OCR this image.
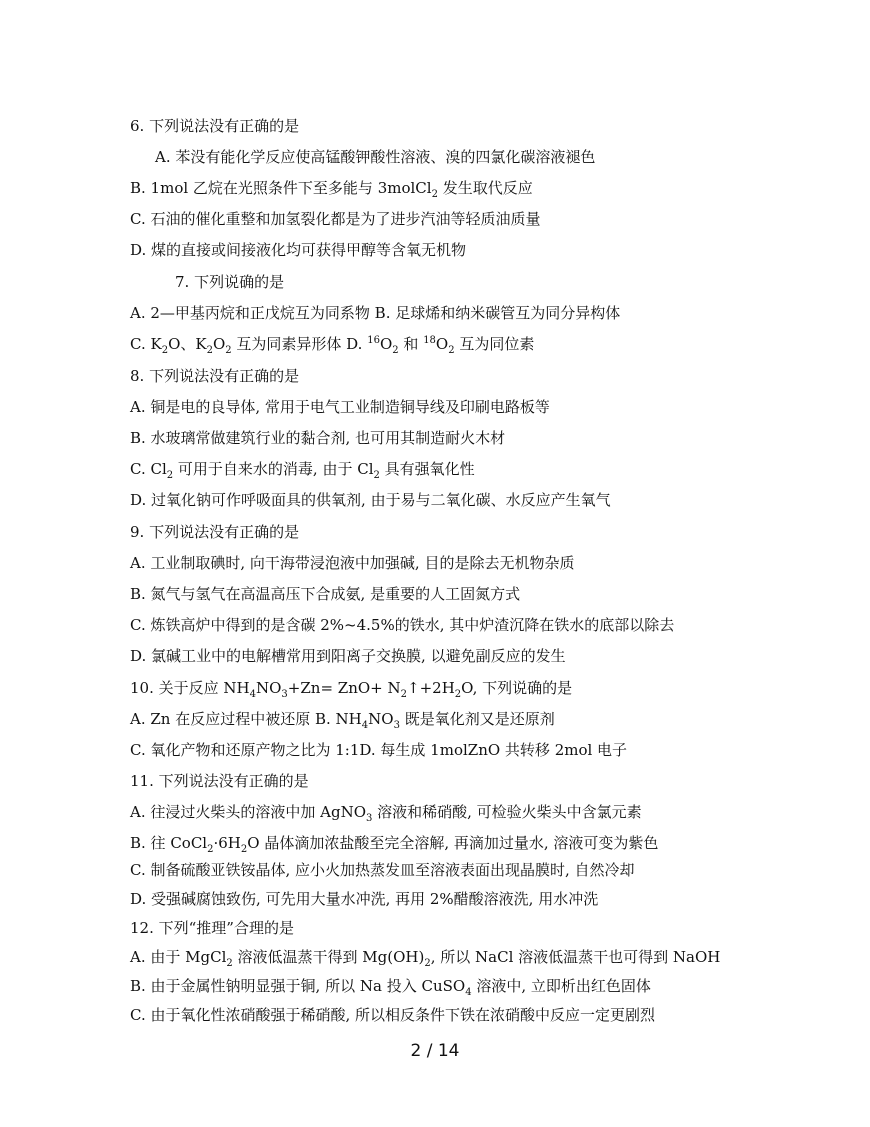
6. 下列说法没有正确的是
A. 苯没有能化学反应使高锰酸钾酸性溶液、溴的四氯化碳溶液褪色
B. 1mol 乙烷在光照条件下至多能与 3molCl$_2$ 发生取代反应
C. 石油的催化重整和加氢裂化都是为了进步汽油等轻质油质量
D. 煤的直接或间接液化均可获得甲醇等含氧无机物
7. 下列说确的是
A. 2—甲基丙烷和正戊烷互为同系物 B. 足球烯和纳米碳管互为同分异构体
C. $K_2O$、$K_2O_2$ 互为同素异形体 D. $^{16}O_2$ 和 $^{18}O_2$ 互为同位素
8. 下列说法没有正确的是
A. 铜是电的良导体, 常用于电气工业制造铜导线及印刷电路板等
B. 水玻璃常做建筑行业的黏合剂, 也可用其制造耐火木材
C. $Cl_2$ 可用于自来水的消毒, 由于 $Cl_2$ 具有强氧化性
D. 过氧化钠可作呼吸面具的供氧剂, 由于易与二氧化碳、水反应产生氧气
9. 下列说法没有正确的是
A. 工业制取碘时, 向干海带浸泡液中加强碱, 目的是除去无机物杂质
B. 氮气与氢气在高温高压下合成氨, 是重要的人工固氮方式
C. 炼铁高炉中得到的是含碳 2%~4.5%的铁水, 其中炉渣沉降在铁水的底部以除去
D. 氯碱工业中的电解槽常用到阳离子交换膜, 以避免副反应的发生
10. 关于反应 $NH_4NO_3+Zn= ZnO+$ $N_2↑+2H_2O$, 下列说确的是
A. Zn 在反应过程中被还原 B. $NH_4NO_3$ 既是氧化剂又是还原剂
C. 氧化产物和还原产物之比为 1:1D. 每生成 1molZnO 共转移 2mol 电子
11. 下列说法没有正确的是
A. 往浸过火柴头的溶液中加 AgNO$_3$ 溶液和稀硝酸, 可检验火柴头中含氯元素
B. 往 $CoCl_2\cdot 6H_2O$ 晶体滴加浓盐酸至完全溶解, 再滴加过量水, 溶液可变为紫色
C. 制备硫酸亚铁铵晶体, 应小火加热蒸发皿至溶液表面出现晶膜时, 自然冷却
D. 受强碱腐蚀致伤, 可先用大量水冲洗, 再用 2%醋酸溶液洗, 用水冲洗
12. 下列“推理”合理的是
A. 由于 MgCl$_2$ 溶液低温蒸干得到 $Mg(OH)_2$, 所以 NaCl 溶液低温蒸干也可得到 NaOH
B. 由于金属性钠明显强于铜, 所以 Na 投入 CuSO$_4$ 溶液中, 立即析出红色固体
C. 由于氧化性浓硝酸强于稀硝酸, 所以相反条件下铁在浓硝酸中反应一定更剧烈
2 / 14
